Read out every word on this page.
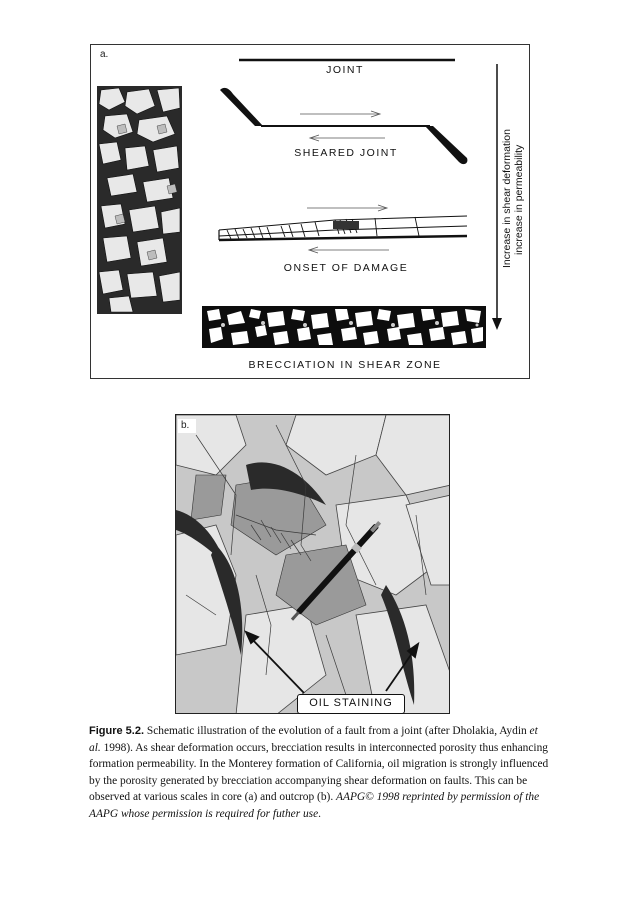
a.
JOINT
SHEARED JOINT
ONSET OF DAMAGE
BRECCIATION IN SHEAR ZONE
Increase in shear deformation increase in permeability
b.
OIL STAINING
Figure 5.2. Schematic illustration of the evolution of a fault from a joint (after Dholakia, Aydin et al. 1998). As shear deformation occurs, brecciation results in interconnected porosity thus enhancing formation permeability. In the Monterey formation of California, oil migration is strongly influenced by the porosity generated by brecciation accompanying shear deformation on faults. This can be observed at various scales in core (a) and outcrop (b). AAPG© 1998 reprinted by permission of the AAPG whose permission is required for futher use.
